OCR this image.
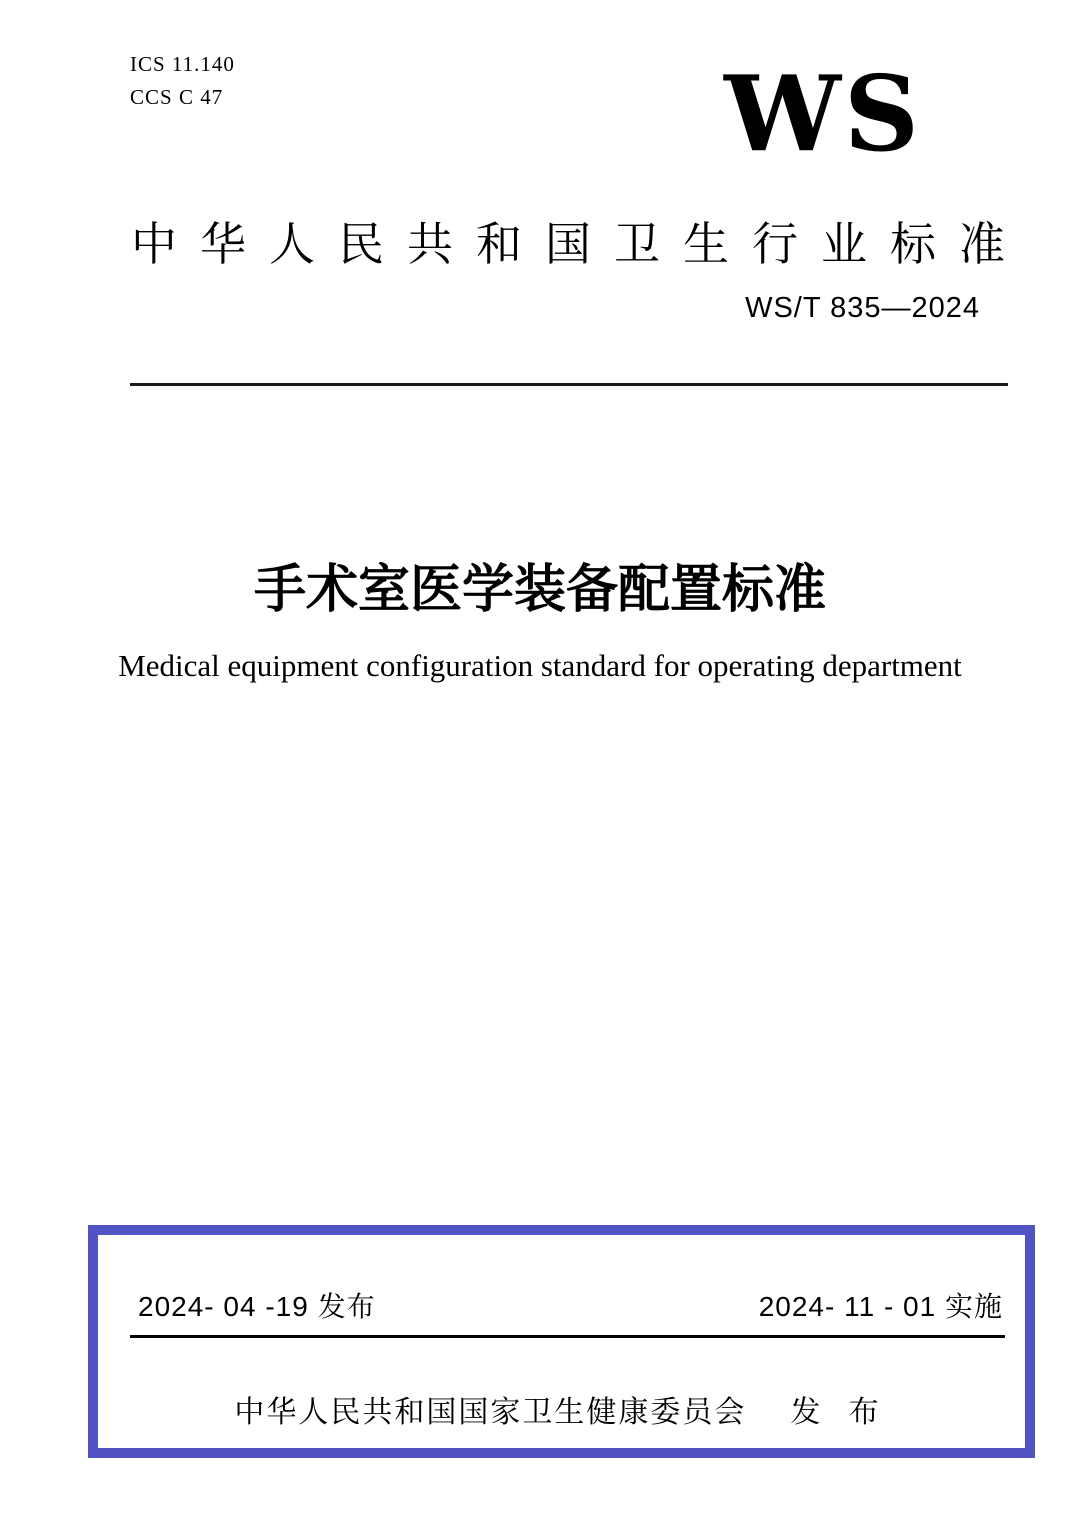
ICS 11.140
CCS C 47	WS
中华人民共和国卫生行业标准
WS/T 835—2024
手术室医学装备配置标准
Medical equipment configuration standard for operating department
2024- 04 -19 发布	2024- 11 - 01 实施
中华人民共和国国家卫生健康委员会 发 布
